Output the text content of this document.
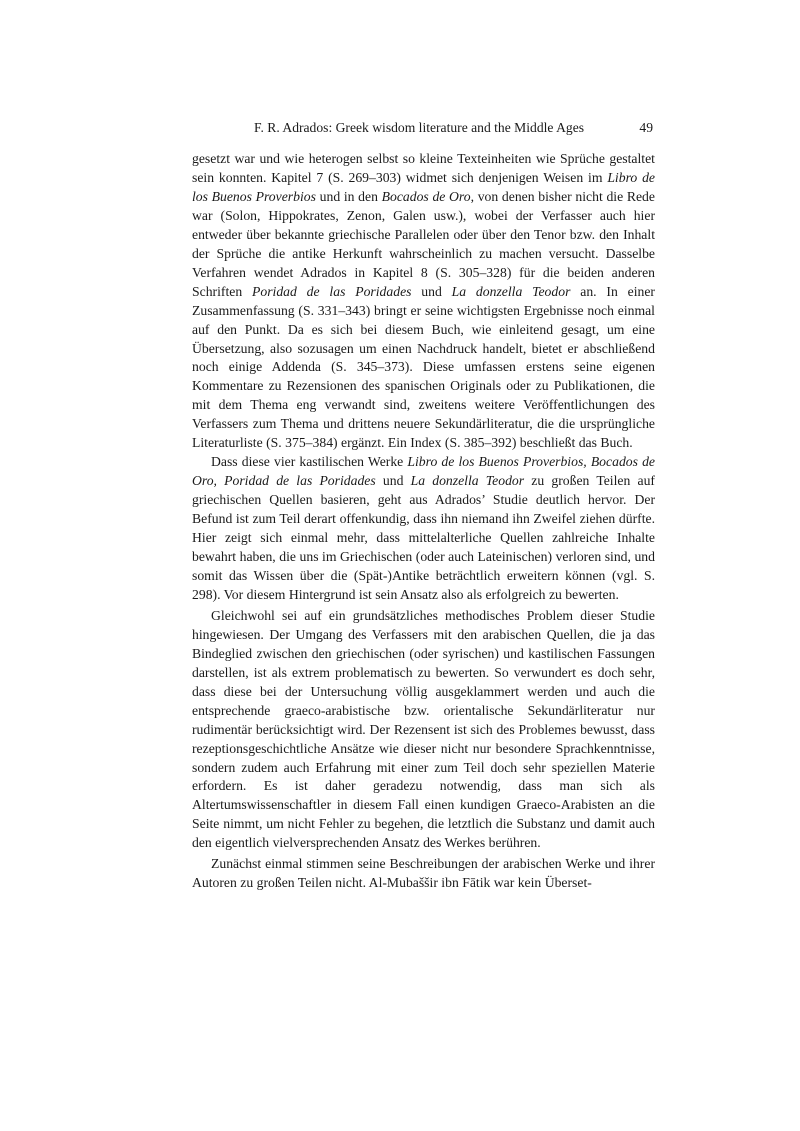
F. R. Adrados: Greek wisdom literature and the Middle Ages	49

gesetzt war und wie heterogen selbst so kleine Texteinheiten wie Sprüche gestaltet sein konnten. Kapitel 7 (S. 269–303) widmet sich denjenigen Weisen im Libro de los Buenos Proverbios und in den Bocados de Oro, von denen bisher nicht die Rede war (Solon, Hippokrates, Zenon, Galen usw.), wobei der Verfasser auch hier entweder über bekannte griechische Parallelen oder über den Tenor bzw. den Inhalt der Sprüche die antike Herkunft wahrscheinlich zu machen versucht. Dasselbe Verfahren wendet Adrados in Kapitel 8 (S. 305–328) für die beiden anderen Schriften Poridad de las Poridades und La donzella Teodor an. In einer Zusammenfassung (S. 331–343) bringt er seine wichtigsten Ergebnisse noch einmal auf den Punkt. Da es sich bei diesem Buch, wie einleitend gesagt, um eine Übersetzung, also sozusagen um einen Nachdruck handelt, bietet er abschließend noch einige Addenda (S. 345–373). Diese umfassen erstens seine eigenen Kommentare zu Rezensionen des spanischen Originals oder zu Publikationen, die mit dem Thema eng verwandt sind, zweitens weitere Veröffentlichungen des Verfassers zum Thema und drittens neuere Sekundärliteratur, die die ursprüngliche Literaturliste (S. 375–384) ergänzt. Ein Index (S. 385–392) beschließt das Buch.

Dass diese vier kastilischen Werke Libro de los Buenos Proverbios, Bocados de Oro, Poridad de las Poridades und La donzella Teodor zu großen Teilen auf griechischen Quellen basieren, geht aus Adrados’ Studie deutlich hervor. Der Befund ist zum Teil derart offenkundig, dass ihn niemand ihn Zweifel ziehen dürfte. Hier zeigt sich einmal mehr, dass mittelalterliche Quellen zahlreiche Inhalte bewahrt haben, die uns im Griechischen (oder auch Lateinischen) verloren sind, und somit das Wissen über die (Spät-)Antike beträchtlich erweitern können (vgl. S. 298). Vor diesem Hintergrund ist sein Ansatz also als erfolgreich zu bewerten.

Gleichwohl sei auf ein grundsätzliches methodisches Problem dieser Studie hingewiesen. Der Umgang des Verfassers mit den arabischen Quellen, die ja das Bindeglied zwischen den griechischen (oder syrischen) und kastilischen Fassungen darstellen, ist als extrem problematisch zu bewerten. So verwundert es doch sehr, dass diese bei der Untersuchung völlig ausgeklammert werden und auch die entsprechende graeco-arabistische bzw. orientalische Sekundärliteratur nur rudimentär berücksichtigt wird. Der Rezensent ist sich des Problemes bewusst, dass rezeptionsgeschichtliche Ansätze wie dieser nicht nur besondere Sprachkenntnisse, sondern zudem auch Erfahrung mit einer zum Teil doch sehr speziellen Materie erfordern. Es ist daher geradezu notwendig, dass man sich als Altertumswissenschaftler in diesem Fall einen kundigen Graeco-Arabisten an die Seite nimmt, um nicht Fehler zu begehen, die letztlich die Substanz und damit auch den eigentlich vielversprechenden Ansatz des Werkes berühren.

Zunächst einmal stimmen seine Beschreibungen der arabischen Werke und ihrer Autoren zu großen Teilen nicht. Al-Mubaššir ibn Fātik war kein Überset-
